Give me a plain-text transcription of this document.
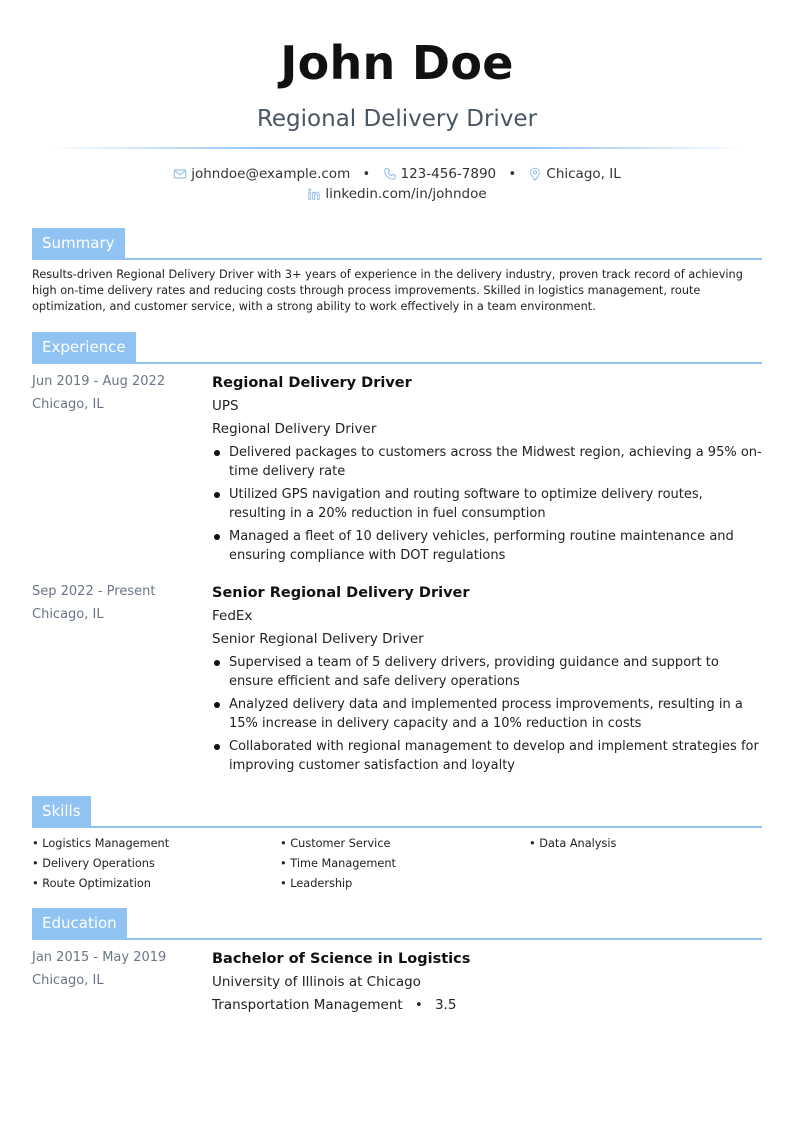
John Doe
Regional Delivery Driver
johndoe@example.com • 123-456-7890 • Chicago, IL
linkedin.com/in/johndoe
Summary
Results-driven Regional Delivery Driver with 3+ years of experience in the delivery industry, proven track record of achieving high on-time delivery rates and reducing costs through process improvements. Skilled in logistics management, route optimization, and customer service, with a strong ability to work effectively in a team environment.
Experience
Jun 2019 - Aug 2022
Chicago, IL
Regional Delivery Driver
UPS
Regional Delivery Driver
Delivered packages to customers across the Midwest region, achieving a 95% on-time delivery rate
Utilized GPS navigation and routing software to optimize delivery routes, resulting in a 20% reduction in fuel consumption
Managed a fleet of 10 delivery vehicles, performing routine maintenance and ensuring compliance with DOT regulations
Sep 2022 - Present
Chicago, IL
Senior Regional Delivery Driver
FedEx
Senior Regional Delivery Driver
Supervised a team of 5 delivery drivers, providing guidance and support to ensure efficient and safe delivery operations
Analyzed delivery data and implemented process improvements, resulting in a 15% increase in delivery capacity and a 10% reduction in costs
Collaborated with regional management to develop and implement strategies for improving customer satisfaction and loyalty
Skills
• Logistics Management
• Delivery Operations
• Route Optimization
• Customer Service
• Time Management
• Leadership
• Data Analysis
Education
Jan 2015 - May 2019
Chicago, IL
Bachelor of Science in Logistics
University of Illinois at Chicago
Transportation Management • 3.5
